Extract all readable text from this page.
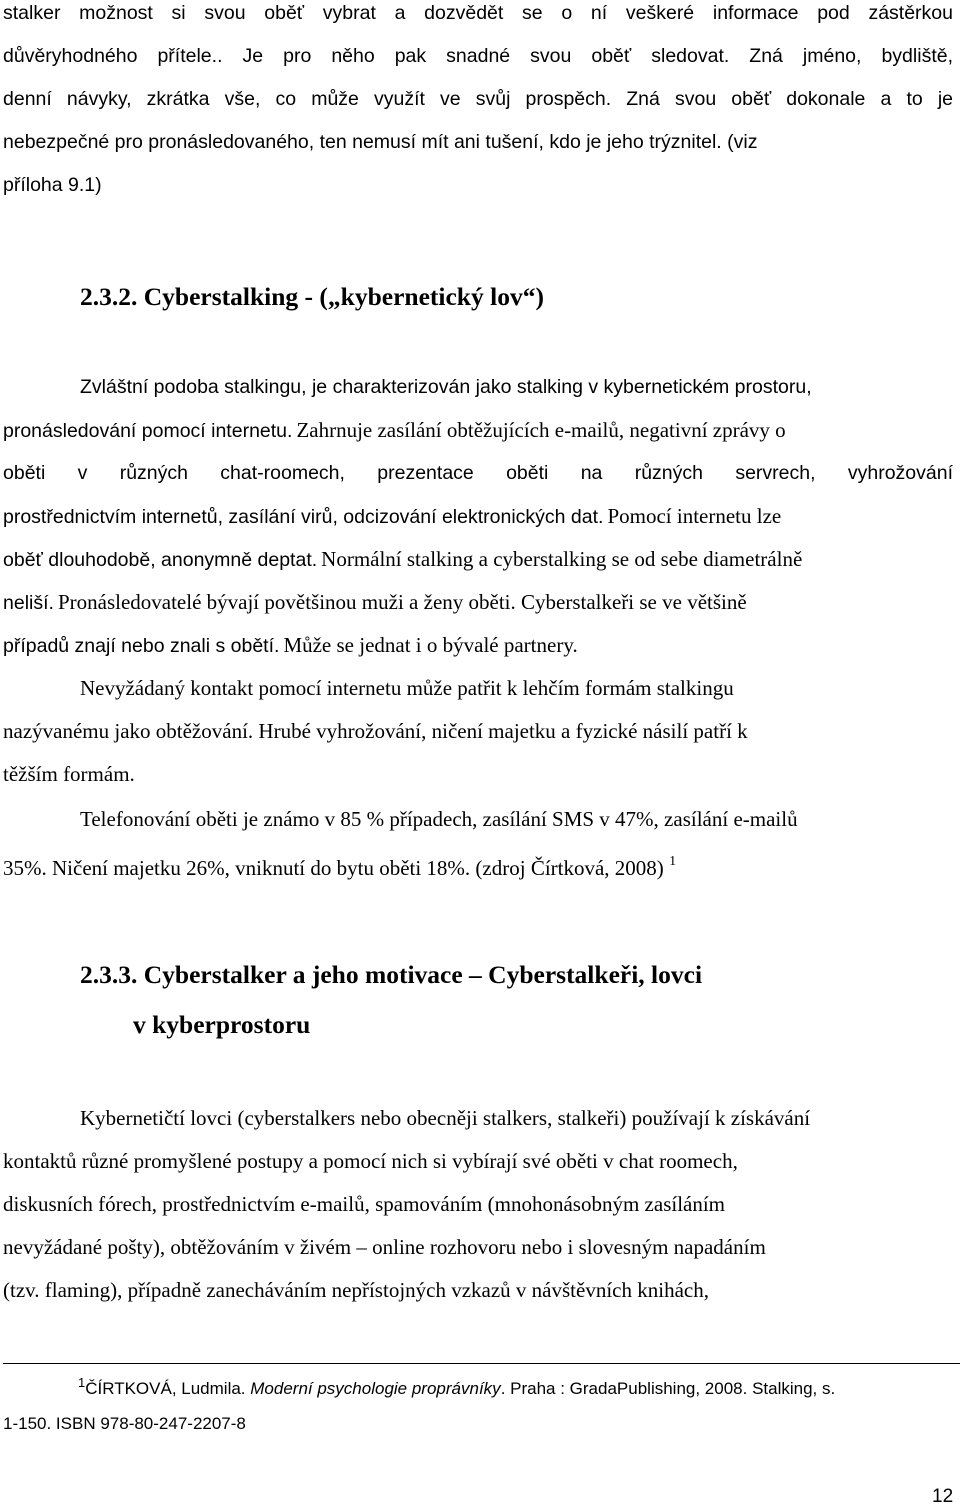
stalker možnost si svou oběť vybrat a dozvědět se o ní veškeré informace pod zástěrkou
důvěryhodného přítele.. Je pro něho pak snadné svou oběť sledovat. Zná jméno, bydliště,
denní návyky, zkrátka vše, co může využít ve svůj prospěch. Zná svou oběť dokonale a to je
nebezpečné pro pronásledovaného, ten nemusí mít ani tušení, kdo je jeho trýznitel. (viz
příloha 9.1)
2.3.2. Cyberstalking - („kybernetický lov“)
Zvláštní podoba stalkingu, je charakterizován jako stalking v kybernetickém prostoru,
pronásledování pomocí internetu. Zahrnuje zasílání obtěžujících e-mailů, negativní zprávy o
oběti v různých chat-roomech, prezentace oběti na různých servrech, vyhrožování
prostřednictvím internetů, zasílání virů, odcizování elektronických dat. Pomocí internetu lze
oběť dlouhodobě, anonymně deptat. Normální stalking a cyberstalking se od sebe diametrálně
neliší. Pronásledovatelé bývají povětšinou muži a ženy oběti. Cyberstalkeři se ve většině
případů znají nebo znali s obětí. Může se jednat i o bývalé partnery.
Nevyžádaný kontakt pomocí internetu může patřit k lehčím formám stalkingu
nazývanému jako obtěžování. Hrubé vyhrožování, ničení majetku a fyzické násilí patří k
těžším formám.
Telefonování oběti je známo v 85 % případech, zasílání SMS v 47%, zasílání e-mailů
35%. Ničení majetku 26%, vniknutí do bytu oběti 18%. (zdroj Čírtková, 2008) $^1$
2.3.3. Cyberstalker a jeho motivace – Cyberstalkeři, lovci
v kyberprostoru
Kybernetičtí lovci (cyberstalkers nebo obecněji stalkers, stalkeři) používají k získávání
kontaktů různé promyšlené postupy a pomocí nich si vybírají své oběti v chat roomech,
diskusních fórech, prostřednictvím e-mailů, spamováním (mnohonásobným zasíláním
nevyžádané pošty), obtěžováním v živém – online rozhovoru nebo i slovesným napadáním
(tzv. flaming), případně zanecháváním nepřístojných vzkazů v návštěvních knihách,
$^1$ČÍRTKOVÁ, Ludmila. Moderní psychologie proprávníky. Praha : GradaPublishing, 2008. Stalking, s.
1-150. ISBN 978-80-247-2207-8
12
